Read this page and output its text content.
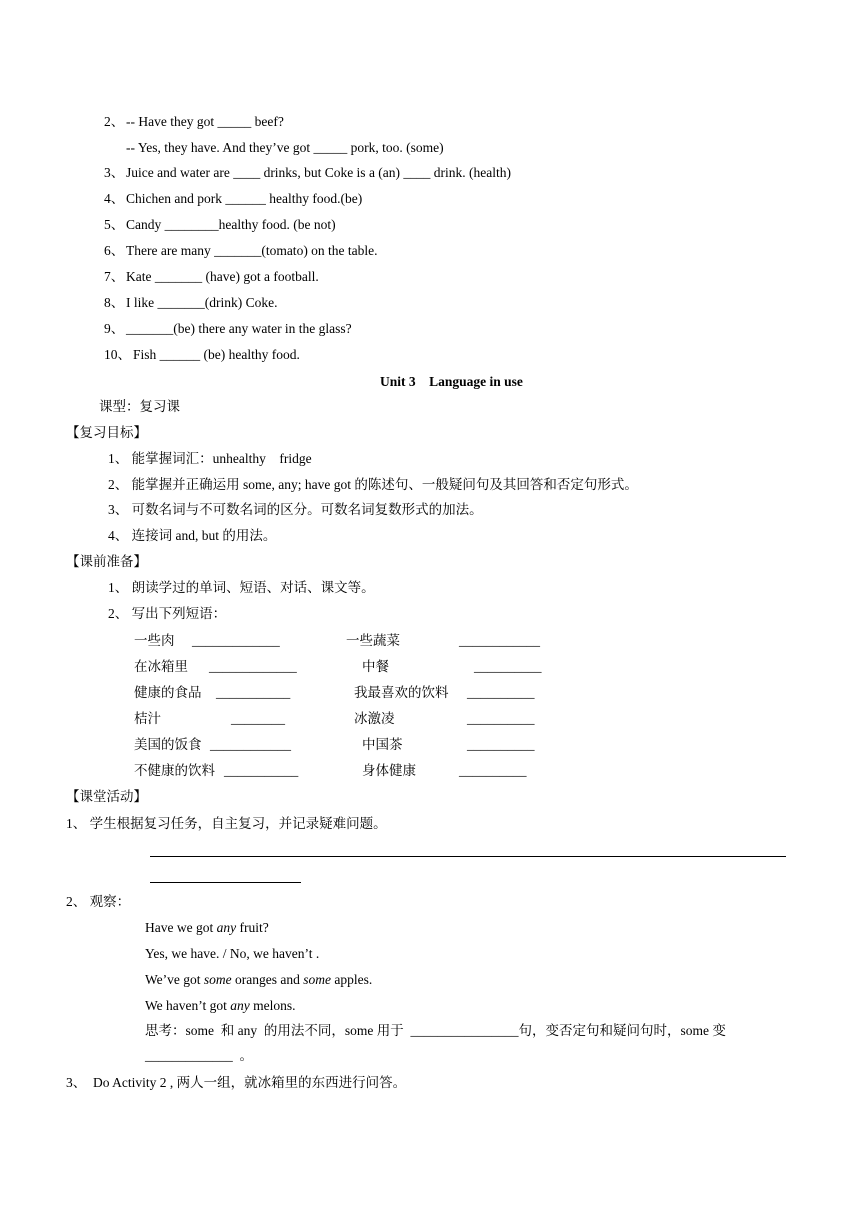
2、 -- Have they got _____ beef?
-- Yes, they have. And they’ve got _____ pork, too. (some)
3、 Juice and water are ____ drinks, but Coke is a (an) ____ drink. (health)
4、 Chichen and pork ______ healthy food.(be)
5、 Candy ________healthy food. (be not)
6、 There are many _______(tomato) on the table.
7、 Kate _______ (have) got a football.
8、 I like _______(drink) Coke.
9、 _______(be) there any water in the glass?
10、 Fish ______ (be) healthy food.
Unit 3    Language in use
课型：复习课
【复习目标】
1、 能掌握词汇：unhealthy    fridge
2、 能掌握并正确运用 some, any; have got 的陈述句、一般疑问句及其回答和否定句形式。
3、 可数名词与不可数名词的区分。可数名词复数形式的加法。
4、 连接词 and, but 的用法。
【课前准备】
1、 朗读学过的单词、短语、对话、课文等。
2、 写出下列短语：
一些肉 _____________	一些蔬菜	____________
在冰箱里 _____________	中餐	__________
健康的食品 ___________	我最喜欢的饮料 __________
桔汁	________	冰激凌	__________
美国的饭食 ____________	中国茶	__________
不健康的饮料 ___________	身体健康	__________
【课堂活动】
1、 学生根据复习任务，自主复习，并记录疑难问题。
2、 观察：
Have we got any fruit?
Yes, we have. / No, we haven’t .
We’ve got some oranges and some apples.
We haven’t got any melons.
思考：some  和 any  的用法不同，some 用于  ________________句，变否定句和疑问句时，some 变
_____________  。
3、  Do Activity 2 , 两人一组，就冰箱里的东西进行问答。
